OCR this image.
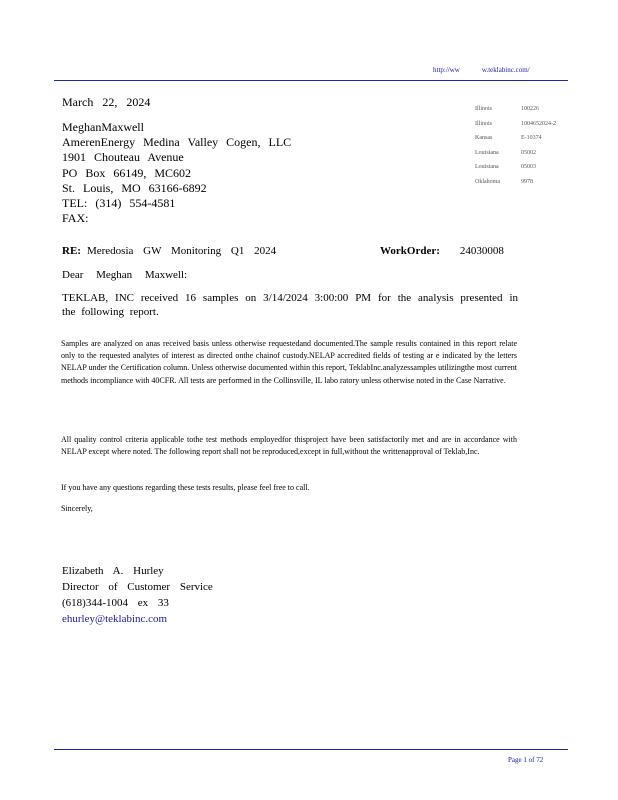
http://ww	w.teklabinc.com/
March 22, 2024
MeghanMaxwell
AmerenEnergy Medina Valley Cogen, LLC
1901 Chouteau Avenue
PO Box 66149, MC602
St. Louis, MO 63166-6892
TEL: (314) 554-4581
FAX:
Illinois	100226
Illinois	1004652024-2
Kansas	E-10374
Louisiana	05002
Louisiana	05003
Oklahoma	9978
RE: Meredosia GW Monitoring Q1 2024	WorkOrder: 24030008
Dear Meghan Maxwell:
TEKLAB, INC received 16 samples on 3/14/2024 3:00:00 PM for the analysis presented in the following report.
Samples are analyzed on anas received basis unless otherwise requestedand documented.The sample results contained in this report relate only to the requested analytes of interest as directed onthe chainof custody.NELAP accredited fields of testing ar e indicated by the letters NELAP under the Certification column. Unless otherwise documented within this report, TeklabInc.analyzessamples utilizingthe most current methods incompliance with 40CFR. All tests are performed in the Collinsville, IL labo ratory unless otherwise noted in the Case Narrative.
All quality control criteria applicable tothe test methods employedfor thisproject have been satisfactorily met and are in accordance with NELAP except where noted. The following report shall not be reproduced,except in full,without the writtenapproval of Teklab,Inc.
If you have any questions regarding these tests results, please feel free to call.
Sincerely,
Elizabeth A. Hurley
Director of Customer Service
(618)344-1004 ex 33
ehurley@teklabinc.com
Page 1 of 72
